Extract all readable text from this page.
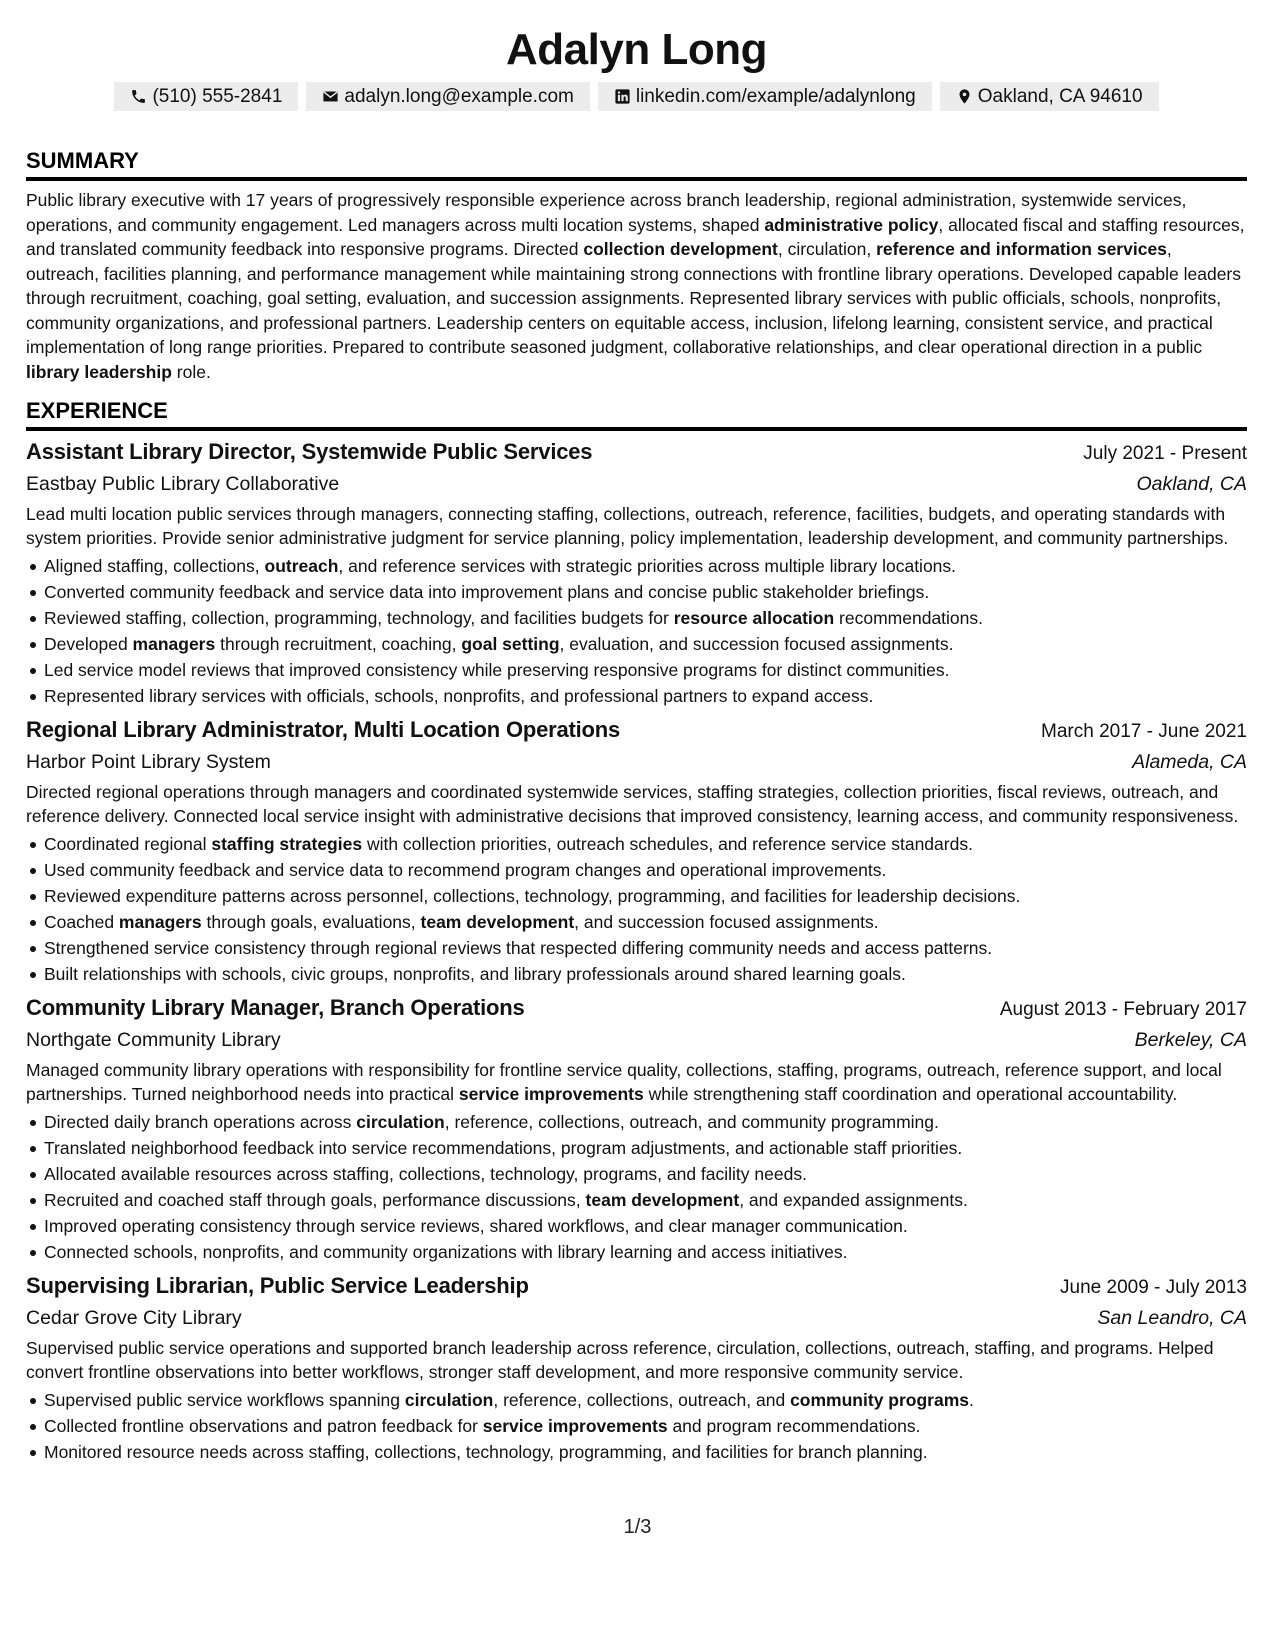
Adalyn Long
(510) 555-2841	adalyn.long@example.com	linkedin.com/example/adalynlong	Oakland, CA 94610
SUMMARY

Public library executive with 17 years of progressively responsible experience across branch leadership, regional administration, systemwide services, operations, and community engagement. Led managers across multi location systems, shaped administrative policy, allocated fiscal and staffing resources, and translated community feedback into responsive programs. Directed collection development, circulation, reference and information services, outreach, facilities planning, and performance management while maintaining strong connections with frontline library operations. Developed capable leaders through recruitment, coaching, goal setting, evaluation, and succession assignments. Represented library services with public officials, schools, nonprofits, community organizations, and professional partners. Leadership centers on equitable access, inclusion, lifelong learning, consistent service, and practical implementation of long range priorities. Prepared to contribute seasoned judgment, collaborative relationships, and clear operational direction in a public library leadership role.

EXPERIENCE
Assistant Library Director, Systemwide Public Services	July 2021 - Present
Eastbay Public Library Collaborative	Oakland, CA

Lead multi location public services through managers, connecting staffing, collections, outreach, reference, facilities, budgets, and operating standards with system priorities. Provide senior administrative judgment for service planning, policy implementation, leadership development, and community partnerships.

Aligned staffing, collections, outreach, and reference services with strategic priorities across multiple library locations.
Converted community feedback and service data into improvement plans and concise public stakeholder briefings.
Reviewed staffing, collection, programming, technology, and facilities budgets for resource allocation recommendations.
Developed managers through recruitment, coaching, goal setting, evaluation, and succession focused assignments.
Led service model reviews that improved consistency while preserving responsive programs for distinct communities.
Represented library services with officials, schools, nonprofits, and professional partners to expand access.
Regional Library Administrator, Multi Location Operations	March 2017 - June 2021
Harbor Point Library System	Alameda, CA

Directed regional operations through managers and coordinated systemwide services, staffing strategies, collection priorities, fiscal reviews, outreach, and reference delivery. Connected local service insight with administrative decisions that improved consistency, learning access, and community responsiveness.

Coordinated regional staffing strategies with collection priorities, outreach schedules, and reference service standards.
Used community feedback and service data to recommend program changes and operational improvements.
Reviewed expenditure patterns across personnel, collections, technology, programming, and facilities for leadership decisions.
Coached managers through goals, evaluations, team development, and succession focused assignments.
Strengthened service consistency through regional reviews that respected differing community needs and access patterns.
Built relationships with schools, civic groups, nonprofits, and library professionals around shared learning goals.
Community Library Manager, Branch Operations	August 2013 - February 2017
Northgate Community Library	Berkeley, CA

Managed community library operations with responsibility for frontline service quality, collections, staffing, programs, outreach, reference support, and local partnerships. Turned neighborhood needs into practical service improvements while strengthening staff coordination and operational accountability.

Directed daily branch operations across circulation, reference, collections, outreach, and community programming.
Translated neighborhood feedback into service recommendations, program adjustments, and actionable staff priorities.
Allocated available resources across staffing, collections, technology, programs, and facility needs.
Recruited and coached staff through goals, performance discussions, team development, and expanded assignments.
Improved operating consistency through service reviews, shared workflows, and clear manager communication.
Connected schools, nonprofits, and community organizations with library learning and access initiatives.
Supervising Librarian, Public Service Leadership	June 2009 - July 2013
Cedar Grove City Library	San Leandro, CA

Supervised public service operations and supported branch leadership across reference, circulation, collections, outreach, staffing, and programs. Helped convert frontline observations into better workflows, stronger staff development, and more responsive community service.

Supervised public service workflows spanning circulation, reference, collections, outreach, and community programs.
Collected frontline observations and patron feedback for service improvements and program recommendations.
Monitored resource needs across staffing, collections, technology, programming, and facilities for branch planning.
1/3
